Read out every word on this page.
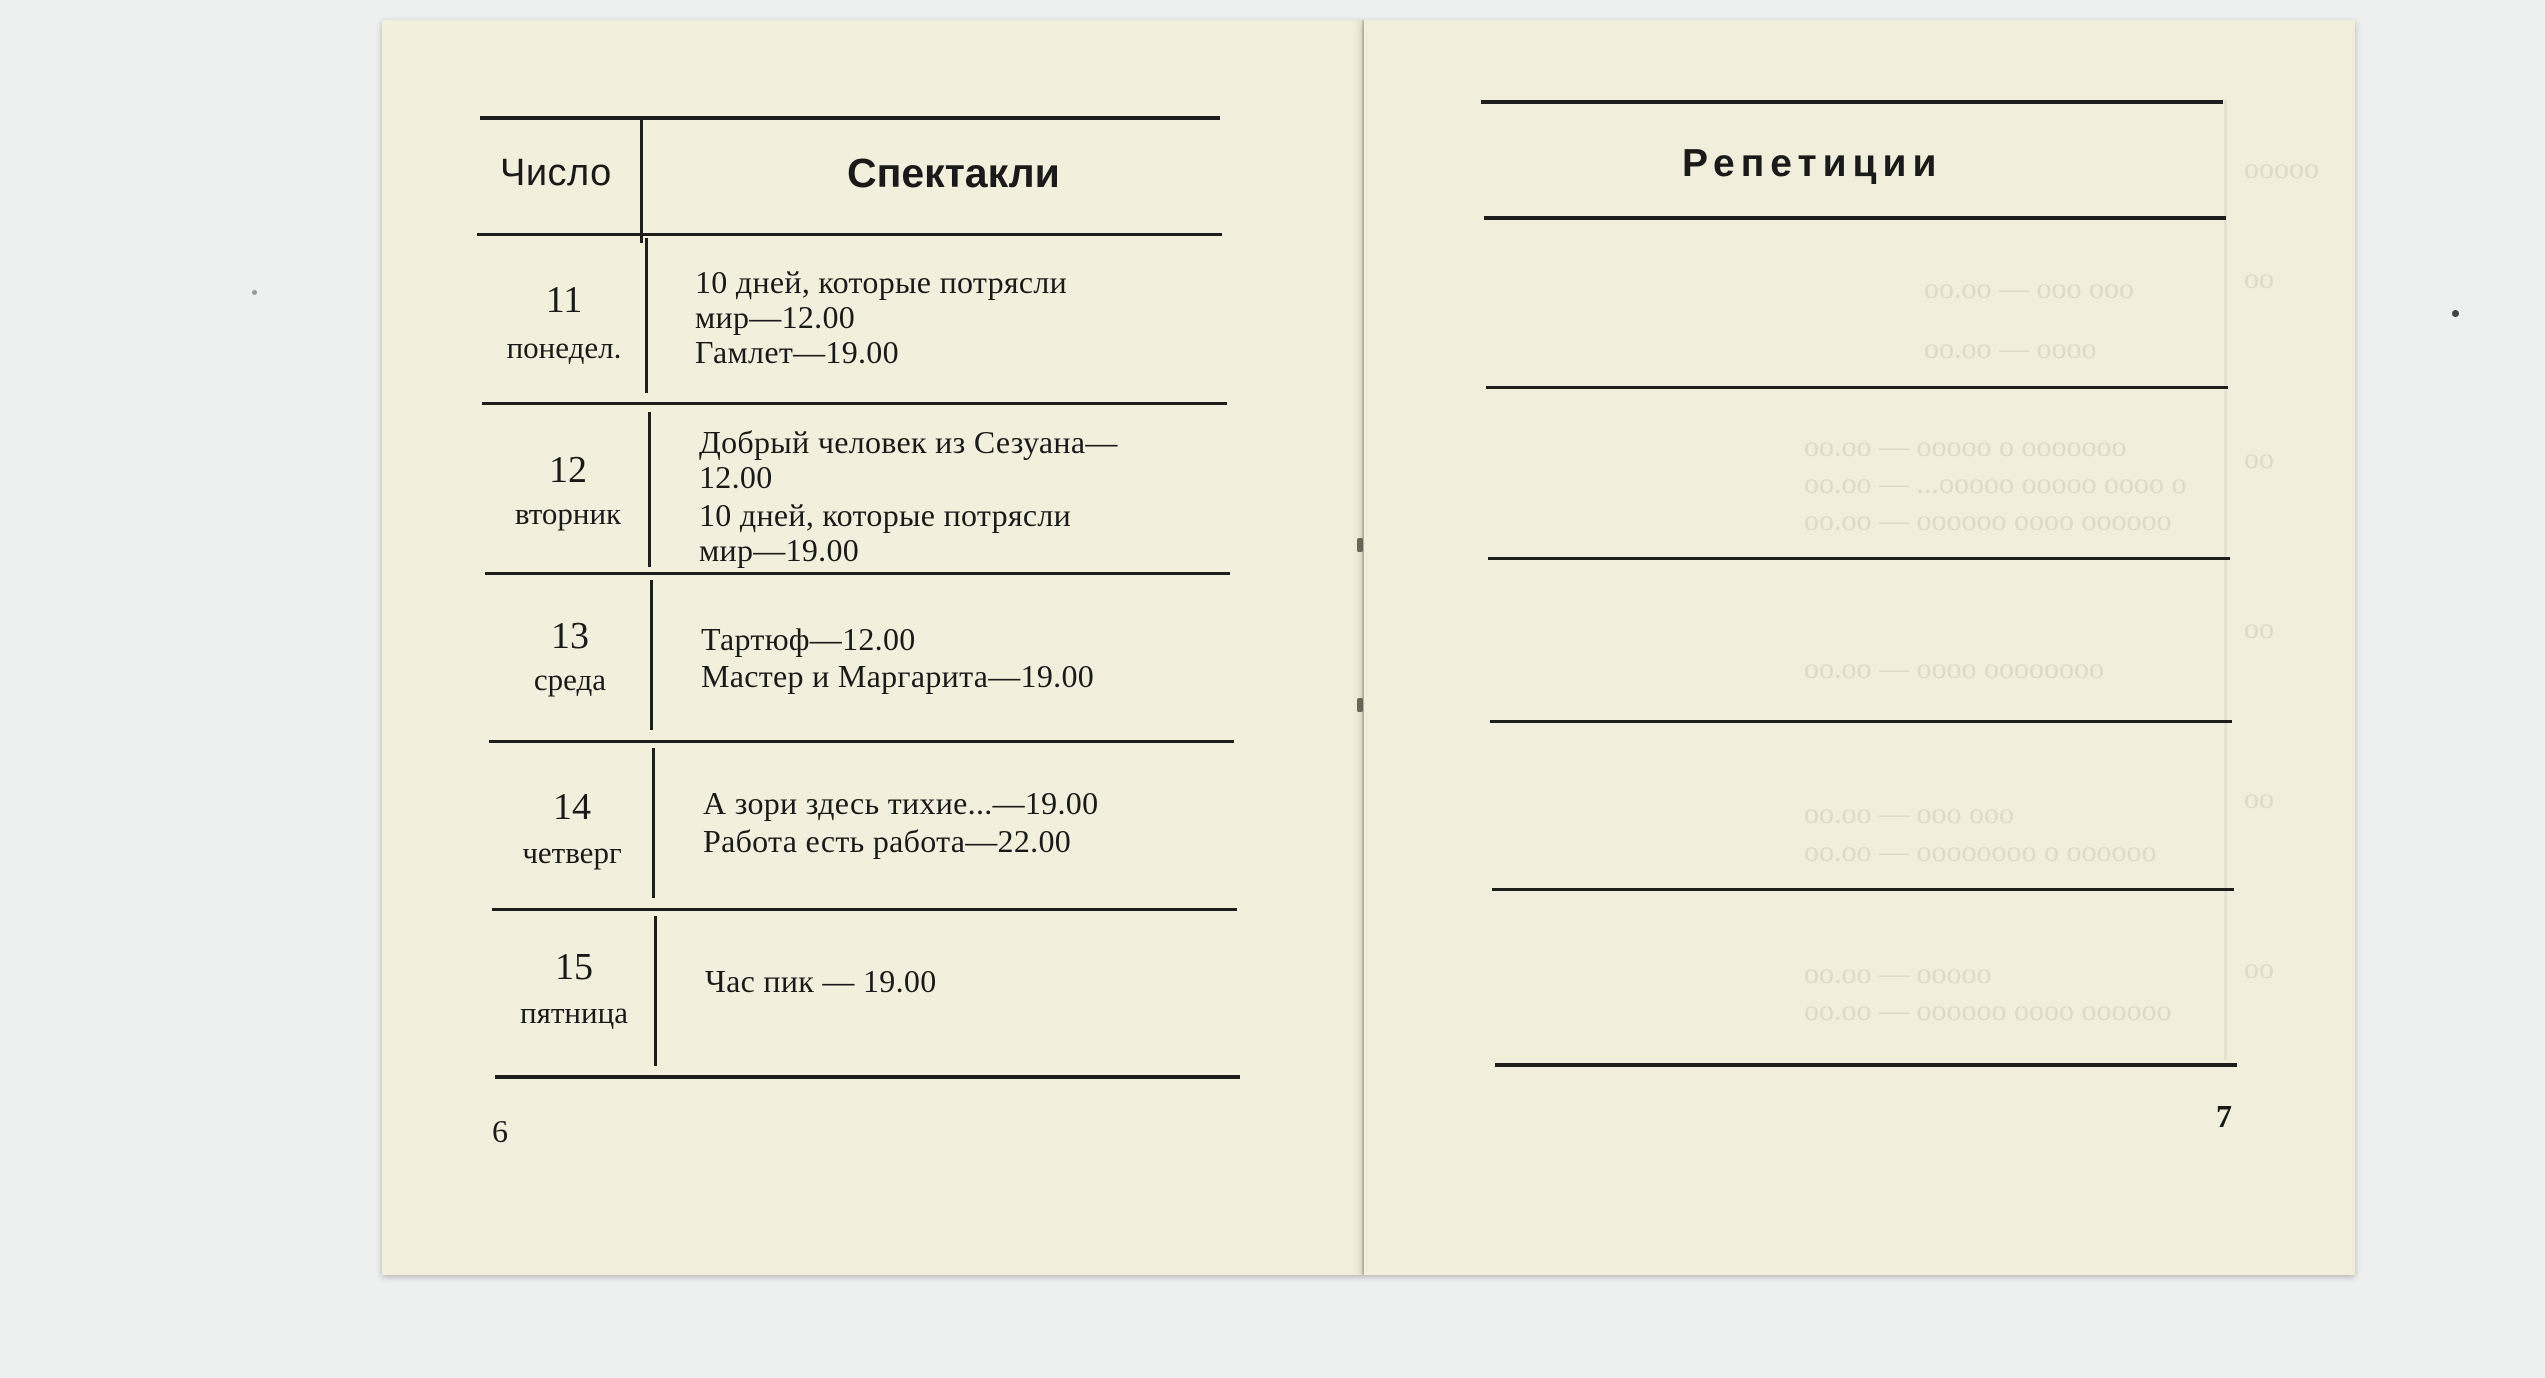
Число	Спектакли
11
понедел.
10 дней, которые потрясли
мир—12.00
Гамлет—19.00
12
вторник
Добрый человек из Сезуана—
12.00
10 дней, которые потрясли
мир—19.00
13
среда
Тартюф—12.00
Мастер и Маргарита—19.00
14
четверг
А зори здесь тихие...—19.00
Работа есть работа—22.00
15
пятница
Час пик — 19.00
6
Репетиции	ooooo
oo
oo
oo
oo
oo
ooo ooo — oo.oo
oooo — oo.oo
ooooooo o ooooo — oo.oo
o oooo ooooo ooooo... — oo.oo
oooooo oooo oooooo — oo.oo
oooooooo oooo — oo.oo
ooo ooo — oo.oo
oooooo o oooooooo — oo.oo
ooooo — oo.oo
oooooo oooo oooooo — oo.oo
7
